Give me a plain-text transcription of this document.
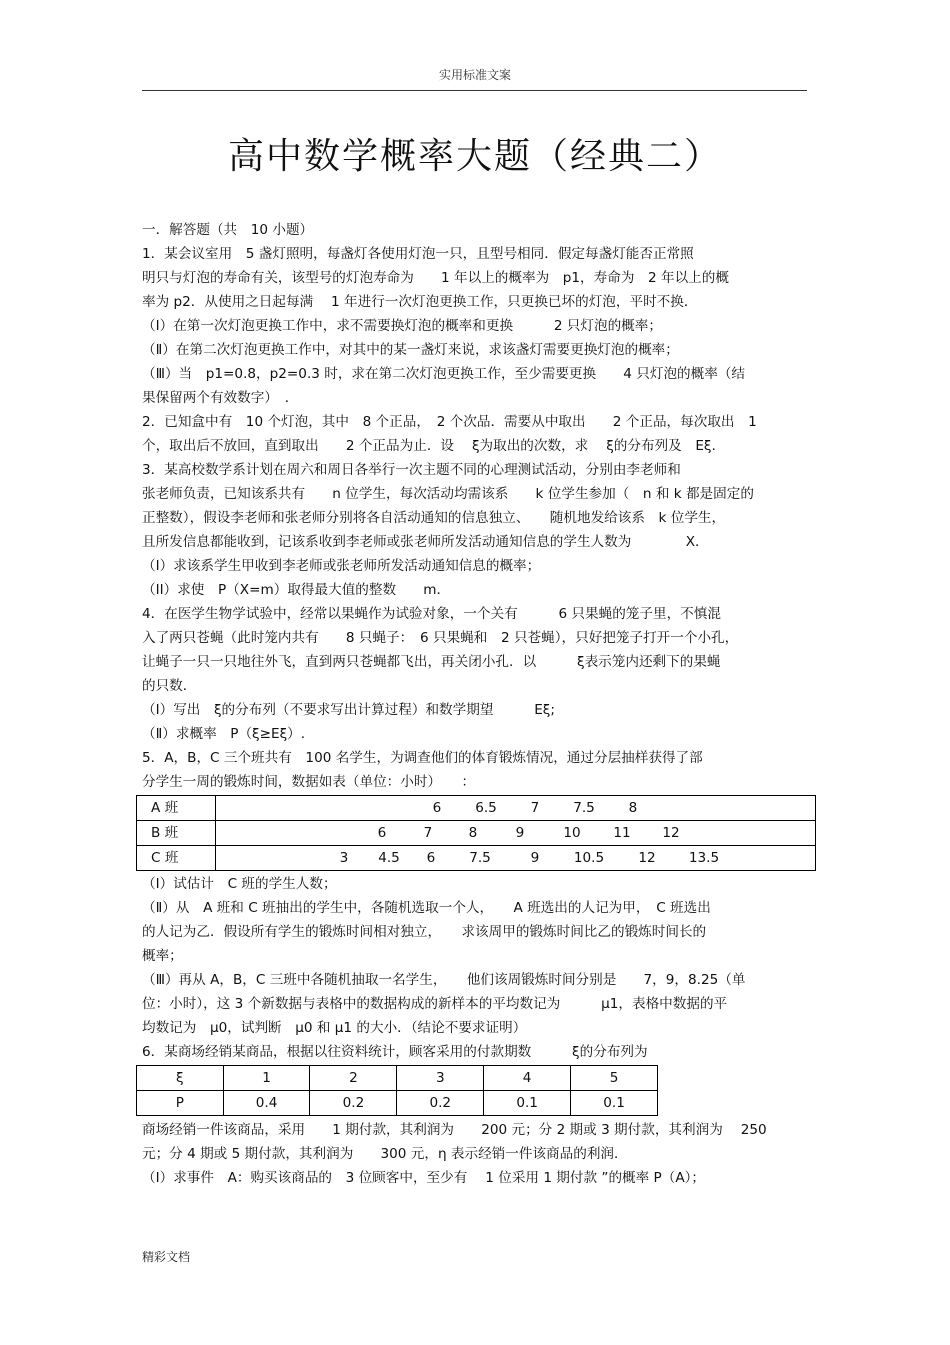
实用标准文案
高中数学概率大题（经典二）

一．解答题（共　10 小题）

1．某会议室用　5 盏灯照明，每盏灯各使用灯泡一只，且型号相同．假定每盏灯能否正常照

明只与灯泡的寿命有关，该型号的灯泡寿命为　　1 年以上的概率为　p1，寿命为　2 年以上的概

率为 p2．从使用之日起每满　 1 年进行一次灯泡更换工作，只更换已坏的灯泡，平时不换．

（Ⅰ）在第一次灯泡更换工作中，求不需要换灯泡的概率和更换　　　2 只灯泡的概率；

（Ⅱ）在第二次灯泡更换工作中，对其中的某一盏灯来说，求该盏灯需要更换灯泡的概率；

（Ⅲ）当　p1=0.8，p2=0.3 时，求在第二次灯泡更换工作，至少需要更换　　4 只灯泡的概率（结

果保留两个有效数字）　．

2．已知盒中有　10 个灯泡，其中　8 个正品，　2 个次品．需要从中取出　　2 个正品，每次取出　1

个，取出后不放回，直到取出　　2 个正品为止．设　 ξ为取出的次数，求　 ξ的分布列及　Eξ.

3．某高校数学系计划在周六和周日各举行一次主题不同的心理测试活动，分别由李老师和

张老师负责，已知该系共有　　n 位学生，每次活动均需该系　　k 位学生参加（　n 和 k 都是固定的

正整数），假设李老师和张老师分别将各自活动通知的信息独立、　　随机地发给该系　k 位学生，

且所发信息都能收到，记该系收到李老师或张老师所发活动通知信息的学生人数为　　　　X．

（I）求该系学生甲收到李老师或张老师所发活动通知信息的概率；

（II）求使　P（X=m）取得最大值的整数　　m．

4．在医学生物学试验中，经常以果蝇作为试验对象，一个关有　　　6 只果蝇的笼子里，不慎混

入了两只苍蝇（此时笼内共有　　8 只蝇子：　6 只果蝇和　2 只苍蝇），只好把笼子打开一个小孔，

让蝇子一只一只地往外飞，直到两只苍蝇都飞出，再关闭小孔．以　　　ξ表示笼内还剩下的果蝇

的只数．

（Ⅰ）写出　ξ的分布列（不要求写出计算过程）和数学期望　　　Eξ;

（Ⅱ）求概率　P（ξ≥Eξ）.

5．A，B，C 三个班共有　100 名学生，为调查他们的体育锻炼情况，通过分层抽样获得了部

分学生一周的锻炼时间，数据如表（单位：小时）　　：

A 班	6 6.5 7 7.5 8
B 班	6 7 8 9 10 11 12
C 班	3 4.5 6 7.5 9 10.5 12 13.5

（Ⅰ）试估计　C 班的学生人数；

（Ⅱ）从　A 班和 C 班抽出的学生中，各随机选取一个人，　　A 班选出的人记为甲，　C 班选出

的人记为乙．假设所有学生的锻炼时间相对独立，　　求该周甲的锻炼时间比乙的锻炼时间长的

概率；

（Ⅲ）再从 A，B，C 三班中各随机抽取一名学生，　　他们该周锻炼时间分别是　　7，9，8.25（单

位：小时），这 3 个新数据与表格中的数据构成的新样本的平均数记为　　　μ1，表格中数据的平

均数记为　μ0，试判断　μ0 和 μ1 的大小．（结论不要求证明）

6．某商场经销某商品，根据以往资料统计，顾客采用的付款期数　　　ξ的分布列为

ξ	1	2	3	4	5
P	0.4	0.2	0.2	0.1	0.1

商场经销一件该商品，采用　　1 期付款，其利润为　　200 元；分 2 期或 3 期付款，其利润为　 250

元；分 4 期或 5 期付款，其利润为　　300 元，η 表示经销一件该商品的利润．

（Ⅰ）求事件　A：购买该商品的　3 位顾客中，至少有　 1 位采用 1 期付款 ”的概率 P（A）；

精彩文档
